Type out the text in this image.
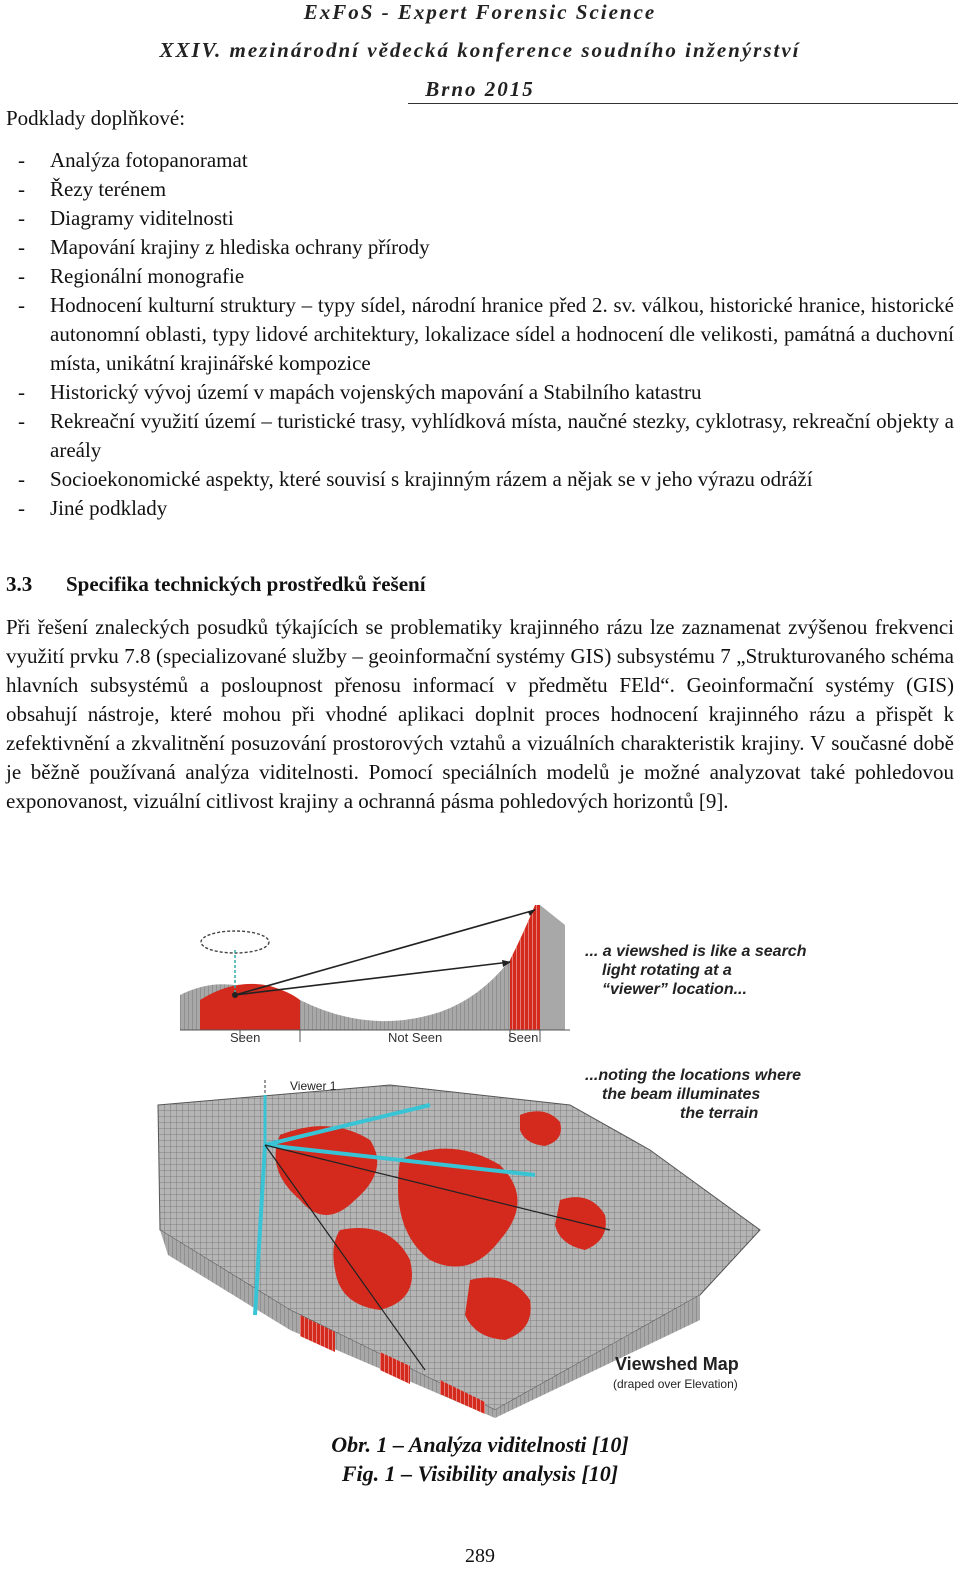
ExFoS - Expert Forensic Science
XXIV. mezinárodní vědecká konference soudního inženýrství
Brno 2015
Podklady doplňkové:
- Analýza fotopanoramat
- Řezy terénem
- Diagramy viditelnosti
- Mapování krajiny z hlediska ochrany přírody
- Regionální monografie
- Hodnocení kulturní struktury – typy sídel, národní hranice před 2. sv. válkou, historické hranice, historické autonomní oblasti, typy lidové architektury, lokalizace sídel a hodnocení dle velikosti, památná a duchovní místa, unikátní krajinářské kompozice
- Historický vývoj území v mapách vojenských mapování a Stabilního katastru
- Rekreační využití území – turistické trasy, vyhlídková místa, naučné stezky, cyklotrasy, rekreační objekty a areály
- Socioekonomické aspekty, které souvisí s krajinným rázem a nějak se v jeho výrazu odráží
- Jiné podklady
3.3 Specifika technických prostředků řešení

Při řešení znaleckých posudků týkajících se problematiky krajinného rázu lze zaznamenat zvýšenou frekvenci využití prvku 7.8 (specializované služby – geoinformační systémy GIS) subsystému 7 „Strukturovaného schéma hlavních subsystémů a posloupnost přenosu informací v předmětu FEld“. Geoinformační systémy (GIS) obsahují nástroje, které mohou při vhodné aplikaci doplnit proces hodnocení krajinného rázu a přispět k zefektivnění a zkvalitnění posuzování prostorových vztahů a vizuálních charakteristik krajiny. V současné době je běžně používaná analýza viditelnosti. Pomocí speciálních modelů je možné analyzovat také pohledovou exponovanost, vizuální citlivost krajiny a ochranná pásma pohledových horizontů [9].

Seen	Not Seen	Seen
... a viewshed is like a search
light rotating at a
“viewer” location...
...noting the locations where
the beam illuminates
the terrain
Viewer 1
Viewshed Map
(draped over Elevation)
Obr. 1 – Analýza viditelnosti [10]
Fig. 1 – Visibility analysis [10]
289
